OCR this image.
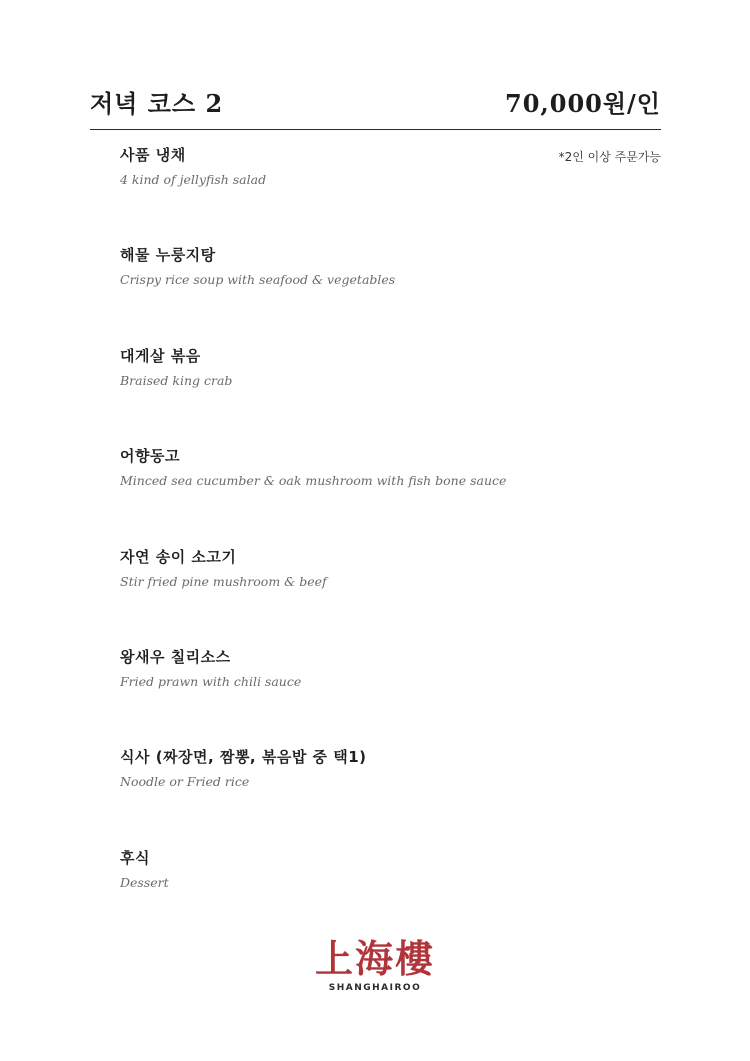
저녁 코스 2	70,000원/인
*2인 이상 주문가능
사품 냉채
4 kind of jellyfish salad
해물 누룽지탕
Crispy rice soup with seafood & vegetables
대게살 볶음
Braised king crab
어향동고
Minced sea cucumber & oak mushroom with fish bone sauce
자연 송이 소고기
Stir fried pine mushroom & beef
왕새우 칠리소스
Fried prawn with chili sauce
식사 (짜장면, 짬뽕, 볶음밥 중 택1)
Noodle or Fried rice
후식
Dessert
上海樓
SHANGHAIROO
